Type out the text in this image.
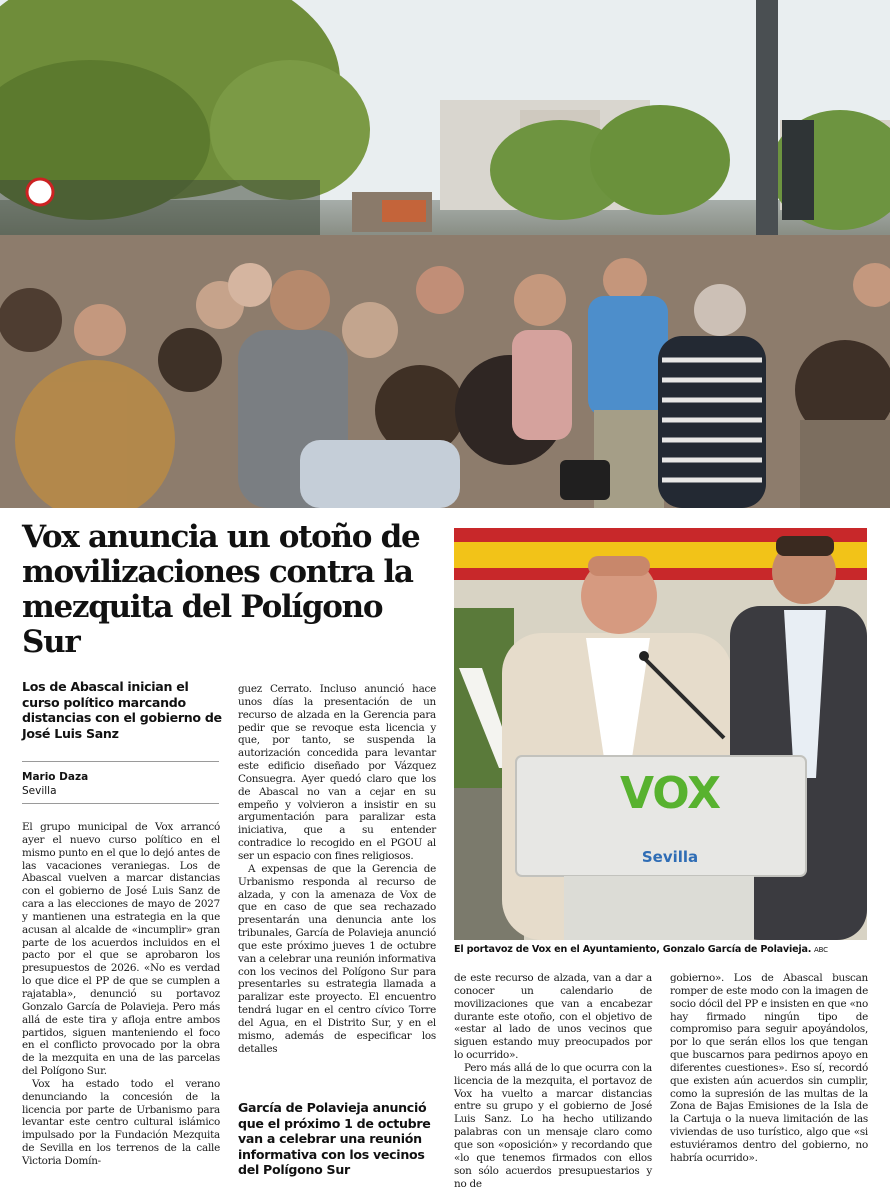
Vox anuncia un otoño de movilizaciones contra la mezquita del Polígono Sur

Los de Abascal inician el curso político marcando distancias con el gobierno de José Luis Sanz

Mario Daza
Sevilla

El grupo municipal de Vox arrancó ayer el nuevo curso político en el mismo punto en el que lo dejó antes de las vacaciones veraniegas. Los de Abascal vuelven a marcar distancias con el gobierno de José Luis Sanz de cara a las elecciones de mayo de 2027 y mantienen una estrategia en la que acusan al alcalde de «incumplir» gran parte de los acuerdos incluidos en el pacto por el que se aprobaron los presupuestos de 2026. «No es verdad lo que dice el PP de que se cumplen a rajatabla», denunció su portavoz Gonzalo García de Polavieja. Pero más allá de este tira y afloja entre ambos partidos, siguen manteniendo el foco en el conflicto provocado por la obra de la mezquita en una de las parcelas del Polígono Sur.

Vox ha estado todo el verano denunciando la concesión de la licencia por parte de Urbanismo para levantar este centro cultural islámico impulsado por la Fundación Mezquita de Sevilla en los terrenos de la calle Victoria Domín-

guez Cerrato. Incluso anunció hace unos días la presentación de un recurso de alzada en la Gerencia para pedir que se revoque esta licencia y que, por tanto, se suspenda la autorización concedida para levantar este edificio diseñado por Vázquez Consuegra. Ayer quedó claro que los de Abascal no van a cejar en su empeño y volvieron a insistir en su argumentación para paralizar esta iniciativa, que a su entender contradice lo recogido en el PGOU al ser un espacio con fines religiosos.

A expensas de que la Gerencia de Urbanismo responda al recurso de alzada, y con la amenaza de Vox de que en caso de que sea rechazado presentarán una denuncia ante los tribunales, García de Polavieja anunció que este próximo jueves 1 de octubre van a celebrar una reunión informativa con los vecinos del Polígono Sur para presentarles su estrategia llamada a paralizar este proyecto. El encuentro tendrá lugar en el centro cívico Torre del Agua, en el Distrito Sur, y en el mismo, además de especificar los detalles

García de Polavieja anunció que el próximo 1 de octubre van a celebrar una reunión informativa con los vecinos del Polígono Sur

de este recurso de alzada, van a dar a conocer un calendario de movilizaciones que van a encabezar durante este otoño, con el objetivo de «estar al lado de unos vecinos que siguen estando muy preocupados por lo ocurrido».

Pero más allá de lo que ocurra con la licencia de la mezquita, el portavoz de Vox ha vuelto a marcar distancias entre su grupo y el gobierno de José Luis Sanz. Lo ha hecho utilizando palabras con un mensaje claro como que son «oposición» y recordando que «lo que tenemos firmados con ellos son sólo acuerdos presupuestarios y no de

gobierno». Los de Abascal buscan romper de este modo con la imagen de socio dócil del PP e insisten en que «no hay firmado ningún tipo de compromiso para seguir apoyándolos, por lo que serán ellos los que tengan que buscarnos para pedirnos apoyo en diferentes cuestiones». Eso sí, recordó que existen aún acuerdos sin cumplir, como la supresión de las multas de la Zona de Bajas Emisiones de la Isla de la Cartuja o la nueva limitación de las viviendas de uso turístico, algo que «si estuviéramos dentro del gobierno, no habría ocurrido».

VOX
Sevilla
El portavoz de Vox en el Ayuntamiento, Gonzalo García de Polavieja. ABC
